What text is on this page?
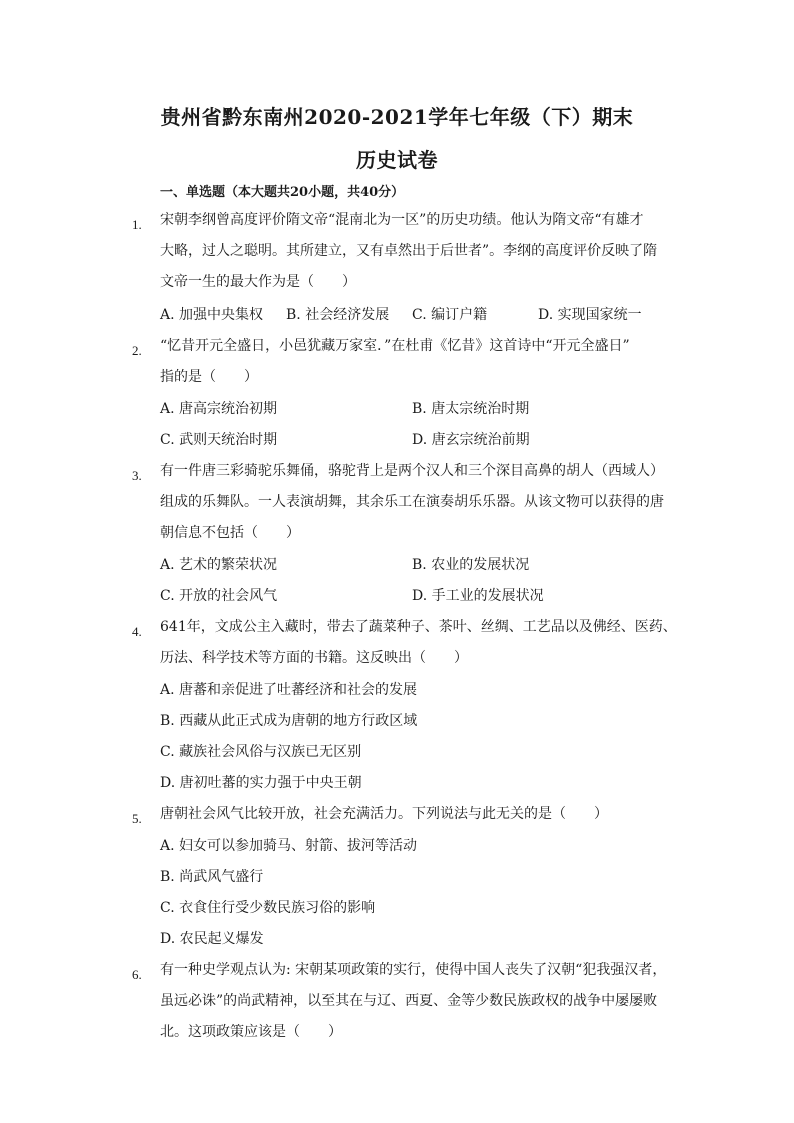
贵州省黔东南州2020-2021学年七年级（下）期末
历史试卷
一、单选题（本大题共20小题，共40分）
1.	宋朝李纲曾高度评价隋文帝“混南北为一区”的历史功绩。他认为隋文帝“有雄才
大略，过人之聪明。其所建立，又有卓然出于后世者”。李纲的高度评价反映了隋
文帝一生的最大作为是（　　）
A. 加强中央集权 B. 社会经济发展 C. 编订户籍	D. 实现国家统一
2.	“忆昔开元全盛日，小邑犹藏万家室．”在杜甫《忆昔》这首诗中“开元全盛日”
指的是（　　）
A. 唐高宗统治初期	B. 唐太宗统治时期
C. 武则天统治时期	D. 唐玄宗统治前期
3.	有一件唐三彩骑驼乐舞俑，骆驼背上是两个汉人和三个深目高鼻的胡人（西域人）
组成的乐舞队。一人表演胡舞，其余乐工在演奏胡乐乐器。从该文物可以获得的唐
朝信息不包括（　　）
A. 艺术的繁荣状况	B. 农业的发展状况
C. 开放的社会风气	D. 手工业的发展状况
4.	641年，文成公主入藏时，带去了蔬菜种子、茶叶、丝绸、工艺品以及佛经、医药、
历法、科学技术等方面的书籍。这反映出（　　）
A. 唐蕃和亲促进了吐蕃经济和社会的发展
B. 西藏从此正式成为唐朝的地方行政区域
C. 藏族社会风俗与汉族已无区别
D. 唐初吐蕃的实力强于中央王朝
5.	唐朝社会风气比较开放，社会充满活力。下列说法与此无关的是（　　）
A. 妇女可以参加骑马、射箭、拔河等活动
B. 尚武风气盛行
C. 衣食住行受少数民族习俗的影响
D. 农民起义爆发
6.	有一种史学观点认为: 宋朝某项政策的实行，使得中国人丧失了汉朝“犯我强汉者，
虽远必诛”的尚武精神，以至其在与辽、西夏、金等少数民族政权的战争中屡屡败
北。这项政策应该是（　　）
